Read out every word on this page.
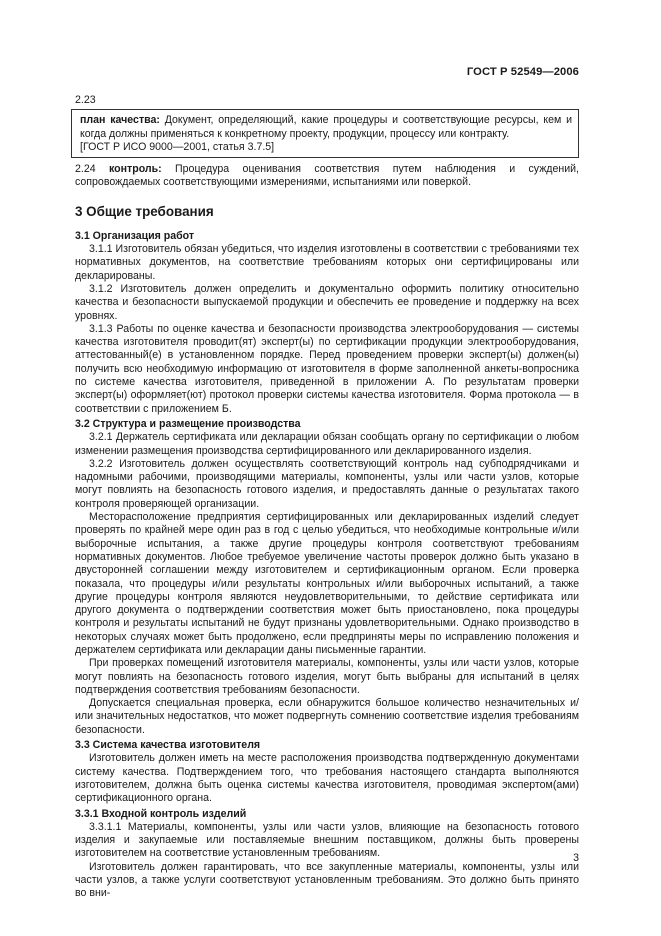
ГОСТ Р 52549—2006

2.23

план качества: Документ, определяющий, какие процедуры и соответствующие ресурсы, кем и когда должны применяться к конкретному проекту, продукции, процессу или контракту.

[ГОСТ Р ИСО 9000—2001, статья 3.7.5]

2.24 контроль: Процедура оценивания соответствия путем наблюдения и суждений, сопровождаемых соответствующими измерениями, испытаниями или поверкой.

3 Общие требования

3.1 Организация работ

3.1.1 Изготовитель обязан убедиться, что изделия изготовлены в соответствии с требованиями тех нормативных документов, на соответствие требованиям которых они сертифицированы или декларированы.

3.1.2 Изготовитель должен определить и документально оформить политику относительно качества и безопасности выпускаемой продукции и обеспечить ее проведение и поддержку на всех уровнях.

3.1.3 Работы по оценке качества и безопасности производства электрооборудования — системы качества изготовителя проводит(ят) эксперт(ы) по сертификации продукции электрооборудования, аттестованный(е) в установленном порядке. Перед проведением проверки эксперт(ы) должен(ы) получить всю необходимую информацию от изготовителя в форме заполненной анкеты-вопросника по системе качества изготовителя, приведенной в приложении А. По результатам проверки эксперт(ы) оформляет(ют) протокол проверки системы качества изготовителя. Форма протокола — в соответствии с приложением Б.

3.2 Структура и размещение производства

3.2.1 Держатель сертификата или декларации обязан сообщать органу по сертификации о любом изменении размещения производства сертифицированного или декларированного изделия.

3.2.2 Изготовитель должен осуществлять соответствующий контроль над субподрядчиками и надомными рабочими, производящими материалы, компоненты, узлы или части узлов, которые могут повлиять на безопасность готового изделия, и предоставлять данные о результатах такого контроля проверяющей организации.

Месторасположение предприятия сертифицированных или декларированных изделий следует проверять по крайней мере один раз в год с целью убедиться, что необходимые контрольные и/или выборочные испытания, а также другие процедуры контроля соответствуют требованиям нормативных документов. Любое требуемое увеличение частоты проверок должно быть указано в двусторонней соглашении между изготовителем и сертификационным органом. Если проверка показала, что процедуры и/или результаты контрольных и/или выборочных испытаний, а также другие процедуры контроля являются неудовлетворительными, то действие сертификата или другого документа о подтверждении соответствия может быть приостановлено, пока процедуры контроля и результаты испытаний не будут признаны удовлетворительными. Однако производство в некоторых случаях может быть продолжено, если предприняты меры по исправлению положения и держателем сертификата или декларации даны письменные гарантии.

При проверках помещений изготовителя материалы, компоненты, узлы или части узлов, которые могут повлиять на безопасность готового изделия, могут быть выбраны для испытаний в целях подтверждения соответствия требованиям безопасности.

Допускается специальная проверка, если обнаружится большое количество незначительных и/или значительных недостатков, что может подвергнуть сомнению соответствие изделия требованиям безопасности.

3.3 Система качества изготовителя

Изготовитель должен иметь на месте расположения производства подтвержденную документами систему качества. Подтверждением того, что требования настоящего стандарта выполняются изготовителем, должна быть оценка системы качества изготовителя, проводимая экспертом(ами) сертификационного органа.

3.3.1 Входной контроль изделий

3.3.1.1 Материалы, компоненты, узлы или части узлов, влияющие на безопасность готового изделия и закупаемые или поставляемые внешним поставщиком, должны быть проверены изготовителем на соответствие установленным требованиям.

Изготовитель должен гарантировать, что все закупленные материалы, компоненты, узлы или части узлов, а также услуги соответствуют установленным требованиям. Это должно быть принято во вни-

3
